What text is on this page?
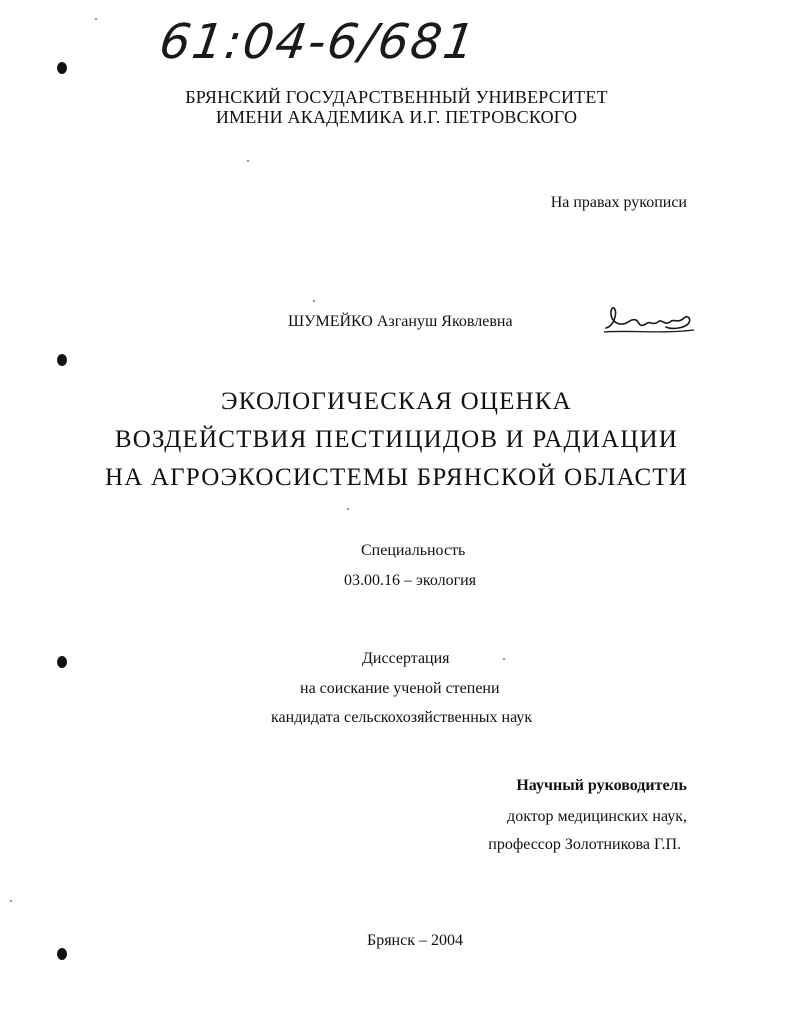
61:04-6/681
БРЯНСКИЙ ГОСУДАРСТВЕННЫЙ УНИВЕРСИТЕТ
ИМЕНИ АКАДЕМИКА И.Г. ПЕТРОВСКОГО
На правах рукописи
ШУМЕЙКО Азгануш Яковлевна
ЭКОЛОГИЧЕСКАЯ ОЦЕНКА
ВОЗДЕЙСТВИЯ ПЕСТИЦИДОВ И РАДИАЦИИ
НА АГРОЭКОСИСТЕМЫ БРЯНСКОЙ ОБЛАСТИ
Специальность
03.00.16 – экология
Диссертация
на соискание ученой степени
кандидата сельскохозяйственных наук
Научный руководитель
доктор медицинских наук,
профессор Золотникова Г.П.
Брянск – 2004
